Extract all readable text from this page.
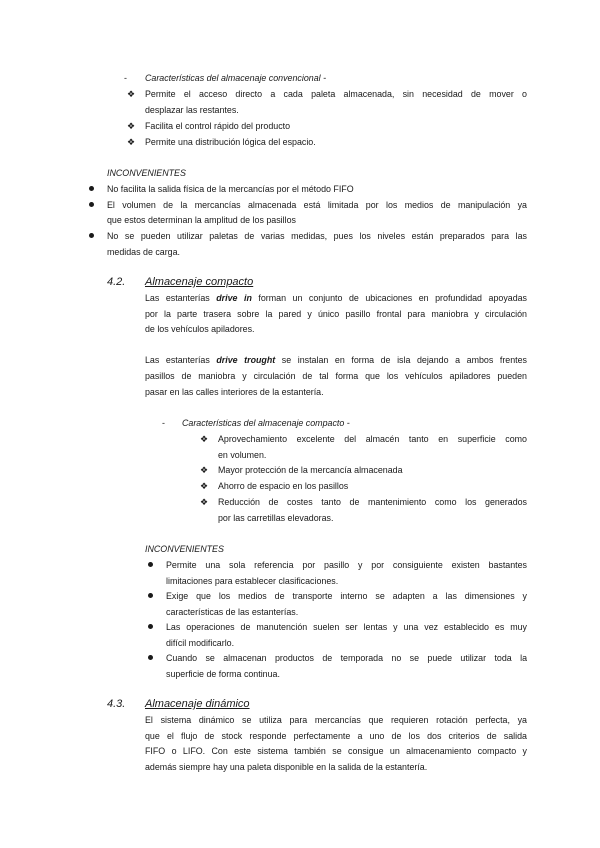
- Características del almacenaje convencional -
❖ Permite el acceso directo a cada paleta almacenada, sin necesidad de mover o
desplazar las restantes.
❖ Facilita el control rápido del producto
❖ Permite una distribución lógica del espacio.
INCONVENIENTES
No facilita la salida física de la mercancías por el método FIFO
El volumen de la mercancías almacenada está limitada por los medios de manipulación ya
que estos determinan la amplitud de los pasillos
No se pueden utilizar paletas de varias medidas, pues los niveles están preparados para las
medidas de carga.
4.2. Almacenaje compacto
Las estanterías drive in forman un conjunto de ubicaciones en profundidad apoyadas
por la parte trasera sobre la pared y único pasillo frontal para maniobra y circulación
de los vehículos apiladores.
Las estanterías drive trought se instalan en forma de isla dejando a ambos frentes
pasillos de maniobra y circulación de tal forma que los vehículos apiladores pueden
pasar en las calles interiores de la estantería.
- Características del almacenaje compacto -
❖ Aprovechamiento excelente del almacén tanto en superficie como
en volumen.
❖ Mayor protección de la mercancía almacenada
❖ Ahorro de espacio en los pasillos
❖ Reducción de costes tanto de mantenimiento como los generados
por las carretillas elevadoras.
INCONVENIENTES
Permite una sola referencia por pasillo y por consiguiente existen bastantes
limitaciones para establecer clasificaciones.
Exige que los medios de transporte interno se adapten a las dimensiones y
características de las estanterías.
Las operaciones de manutención suelen ser lentas y una vez establecido es muy
difícil modificarlo.
Cuando se almacenan productos de temporada no se puede utilizar toda la
superficie de forma continua.
4.3. Almacenaje dinámico
El sistema dinámico se utiliza para mercancías que requieren rotación perfecta, ya
que el flujo de stock responde perfectamente a uno de los dos criterios de salida
FIFO o LIFO. Con este sistema también se consigue un almacenamiento compacto y
además siempre hay una paleta disponible en la salida de la estantería.
